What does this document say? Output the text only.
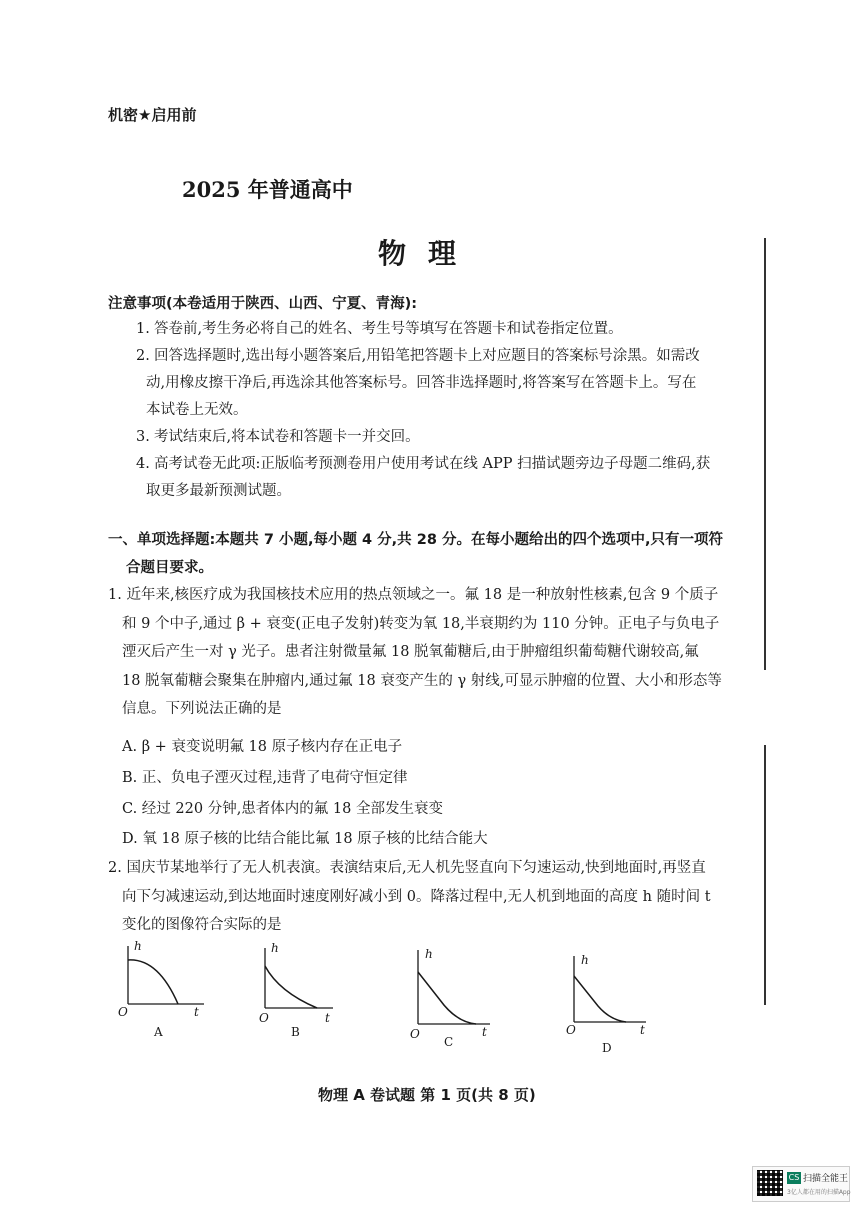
机密★启用前
2025 年普通高中
物理
注意事项(本卷适用于陕西、山西、宁夏、青海):
1. 答卷前,考生务必将自己的姓名、考生号等填写在答题卡和试卷指定位置。
2. 回答选择题时,选出每小题答案后,用铅笔把答题卡上对应题目的答案标号涂黑。如需改
动,用橡皮擦干净后,再选涂其他答案标号。回答非选择题时,将答案写在答题卡上。写在
本试卷上无效。
3. 考试结束后,将本试卷和答题卡一并交回。
4. 高考试卷无此项:正版临考预测卷用户使用考试在线 APP 扫描试题旁边子母题二维码,获
取更多最新预测试题。
一、单项选择题:本题共 7 小题,每小题 4 分,共 28 分。在每小题给出的四个选项中,只有一项符
合题目要求。
1. 近年来,核医疗成为我国核技术应用的热点领域之一。氟 18 是一种放射性核素,包含 9 个质子
和 9 个中子,通过 β + 衰变(正电子发射)转变为氧 18,半衰期约为 110 分钟。正电子与负电子
湮灭后产生一对 γ 光子。患者注射微量氟 18 脱氧葡糖后,由于肿瘤组织葡萄糖代谢较高,氟
18 脱氧葡糖会聚集在肿瘤内,通过氟 18 衰变产生的 γ 射线,可显示肿瘤的位置、大小和形态等
信息。下列说法正确的是
A. β + 衰变说明氟 18 原子核内存在正电子
B. 正、负电子湮灭过程,违背了电荷守恒定律
C. 经过 220 分钟,患者体内的氟 18 全部发生衰变
D. 氧 18 原子核的比结合能比氟 18 原子核的比结合能大
2. 国庆节某地举行了无人机表演。表演结束后,无人机先竖直向下匀速运动,快到地面时,再竖直
向下匀减速运动,到达地面时速度刚好减小到 0。降落过程中,无人机到地面的高度 h 随时间 t
变化的图像符合实际的是
h
t
O
A
h
t
O
B
h
t
O
C
h
t
O
D
物理 A 卷试题 第 1 页(共 8 页)
CS 扫描全能王
3亿人都在用的扫描App
